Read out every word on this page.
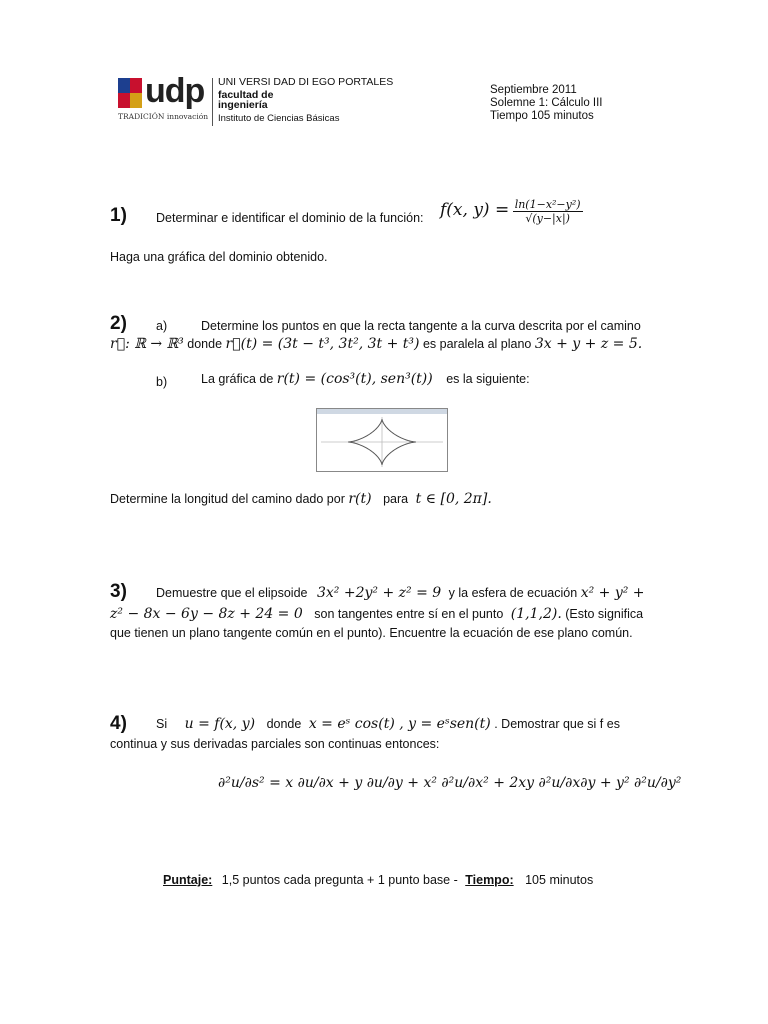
udp
TRADICIÓN innovación
UNI VERSI DAD DI EGO PORTALES
facultad de
ingeniería
Instituto de Ciencias Básicas
Septiembre 2011
Solemne 1: Cálculo III
Tiempo 105 minutos
1) Determinar e identificar el dominio de la función: f(x, $y) = \frac{\text{ln(1−x²−y²)}}{√(y-|x|)}$
Haga una gráfica del dominio obtenido.
2) a)	Determine los puntos en que la recta tangente a la curva descrita por el camino
r⃗: ℝ → ℝ³ donde r⃗(t) = (3t − t³, 3t², 3t + t³) es paralela al plano 3x + y + z = 5.
b)	La gráfica de r(t) = (cos³(t), sen³(t)) es la siguiente:
Determine la longitud del camino dado por r(t) para t ∈ [0, 2π].
3) Demuestre que el elipsoide 3x² +2y² + z² = 9 y la esfera de ecuación x² + y² +
z² − 8x − 6y − 8z + 24 = 0 son tangentes entre sí en el punto (1,1,2). (Esto significa
que tienen un plano tangente común en el punto). Encuentre la ecuación de ese plano común.
4) Si u = f(x, y) donde x = eˢ cos(t) , y = eˢsen(t) . Demostrar que si f es
continua y sus derivadas parciales son continuas entonces:
∂²u/∂s² = x ∂u/∂x + y ∂u/∂y + x² ∂²u/∂x² + 2xy ∂²u/∂x∂y + y² ∂²u/∂y²
Puntaje: 1,5 puntos cada pregunta + 1 punto base - Tiempo: 105 minutos
